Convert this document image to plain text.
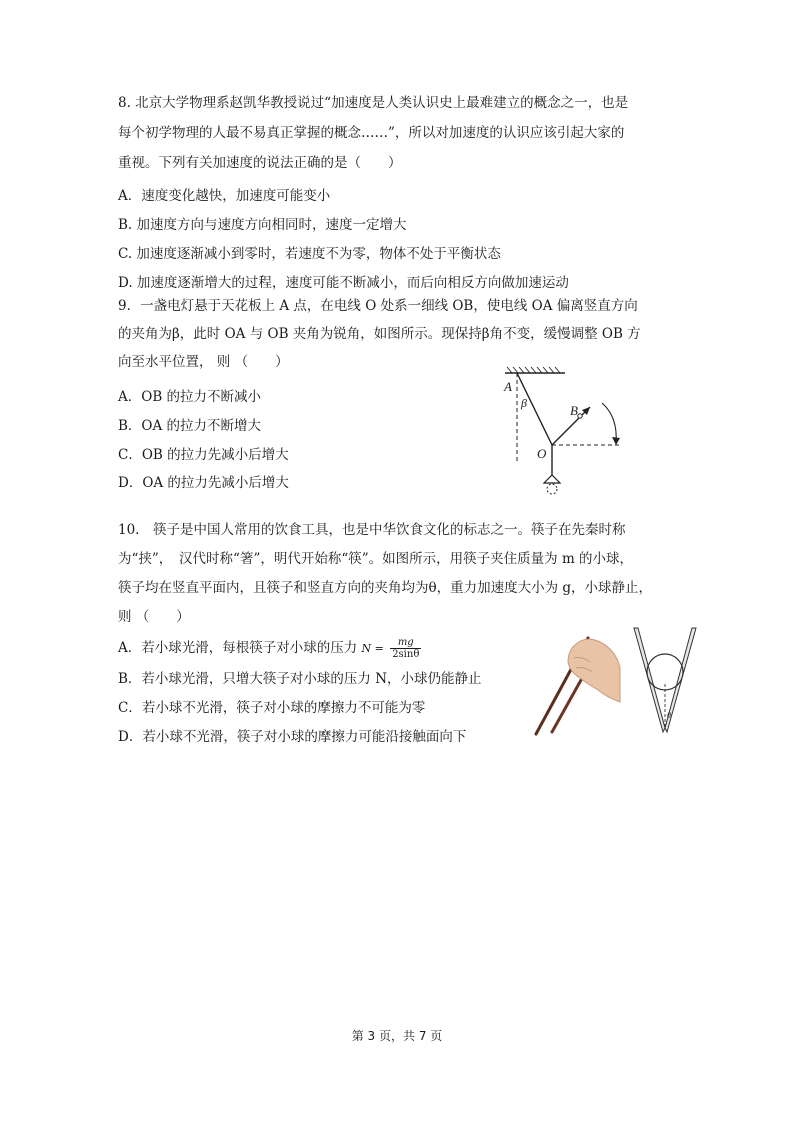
8. 北京大学物理系赵凯华教授说过“加速度是人类认识史上最难建立的概念之一，也是
每个初学物理的人最不易真正掌握的概念……”，所以对加速度的认识应该引起大家的
重视。下列有关加速度的说法正确的是（　　）
A．速度变化越快，加速度可能变小
B. 加速度方向与速度方向相同时，速度一定增大
C. 加速度逐渐减小到零时，若速度不为零，物体不处于平衡状态
D. 加速度逐渐增大的过程，速度可能不断减小，而后向相反方向做加速运动
9．一盏电灯悬于天花板上 A 点，在电线 O 处系一细线 OB，使电线 OA 偏离竖直方向
的夹角为β，此时 OA 与 OB 夹角为锐角，如图所示。现保持β角不变，缓慢调整 OB 方
向至水平位置， 则 （　　）
A．OB 的拉力不断减小
B．OA 的拉力不断增大
C．OB 的拉力先减小后增大
D．OA 的拉力先减小后增大
A
β	B
O
10.　筷子是中国人常用的饮食工具，也是中华饮食文化的标志之一。筷子在先秦时称
为“挟”，　汉代时称“箸”，明代开始称“筷”。如图所示，用筷子夹住质量为 m 的小球，
筷子均在竖直平面内，且筷子和竖直方向的夹角均为θ，重力加速度大小为 g，小球静止，
则 （　　）
A．若小球光滑，每根筷子对小球的压力 $N = \frac{mg}{2\sin\theta}$
B．若小球光滑，只增大筷子对小球的压力 N，小球仍能静止
C．若小球不光滑，筷子对小球的摩擦力不可能为零
D．若小球不光滑，筷子对小球的摩擦力可能沿接触面向下
θ
第 3 页，共 7 页
